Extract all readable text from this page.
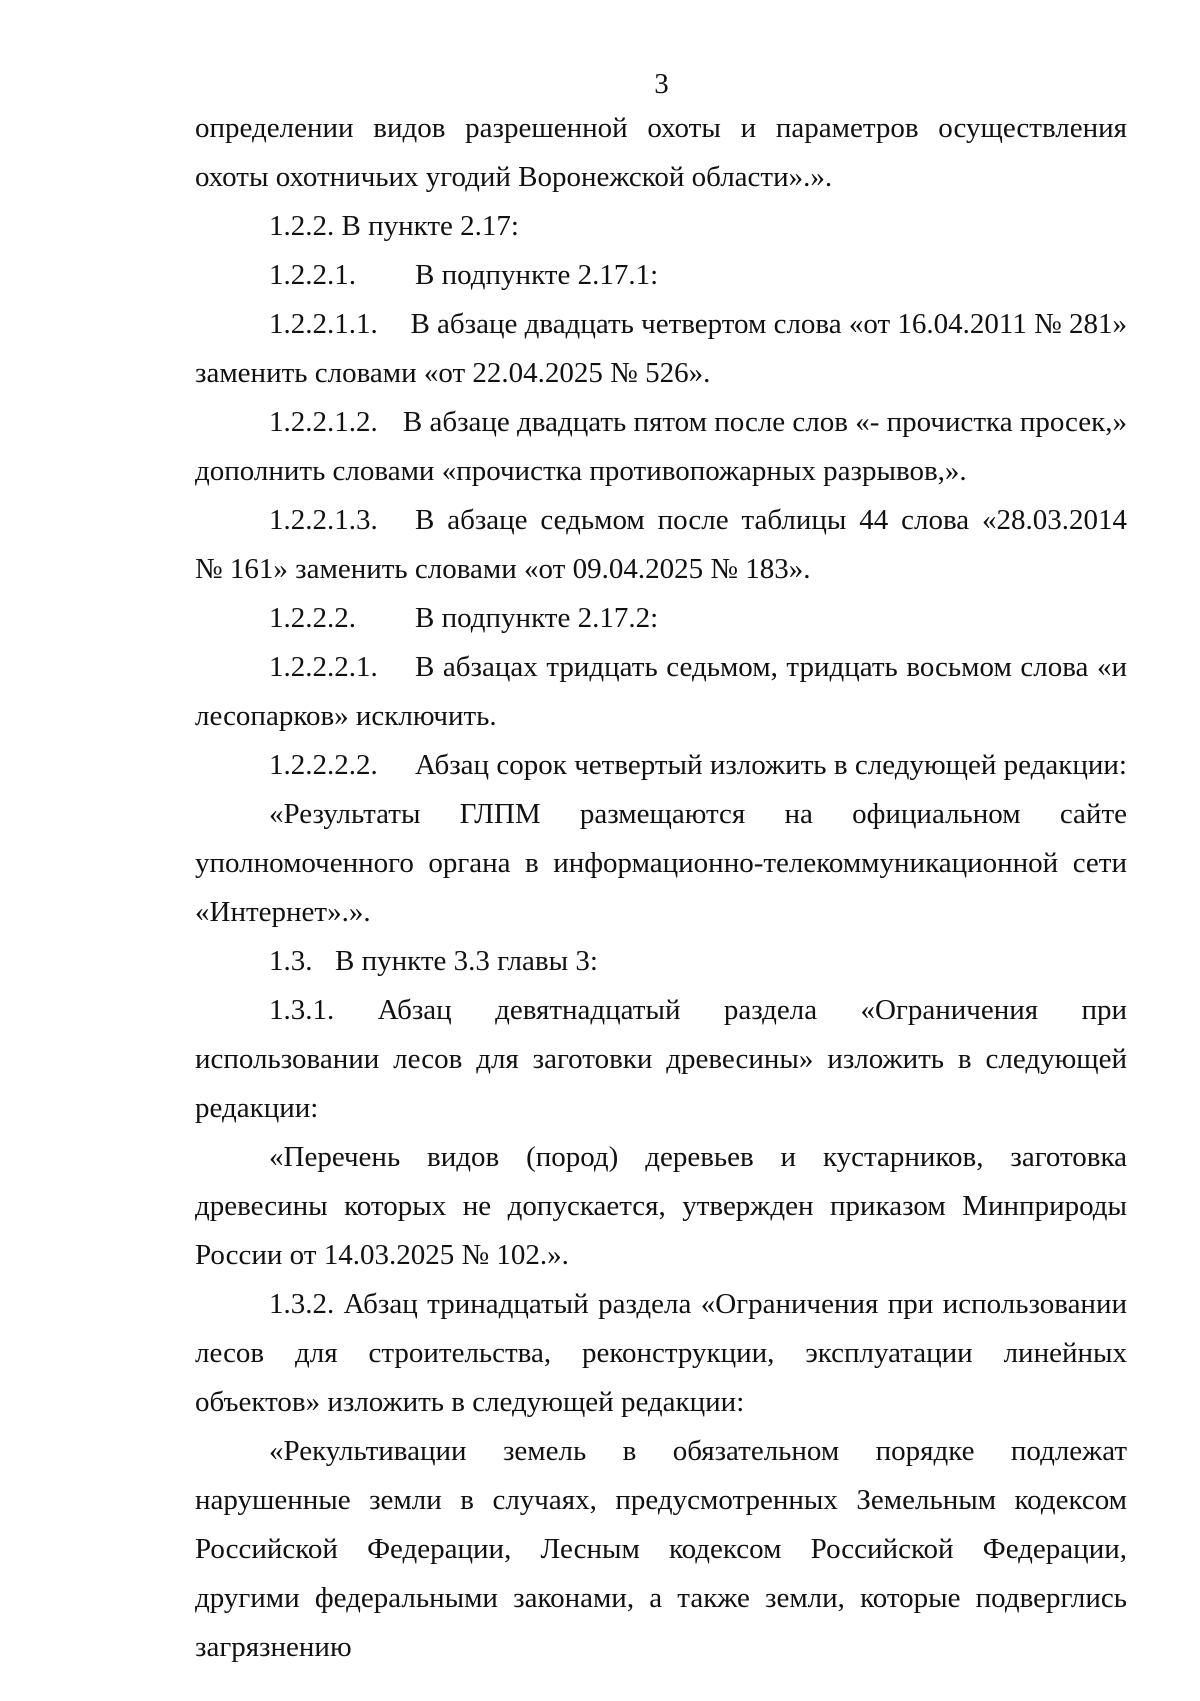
3

определении видов разрешенной охоты и параметров осуществления охоты охотничьих угодий Воронежской области».».

1.2.2. В пункте 2.17:

1.2.2.1.	В подпункте 2.17.1:
1.2.2.1.1.	В абзаце двадцать четвертом слова «от 16.04.2011 № 281»

заменить словами «от 22.04.2025 № 526».

1.2.2.1.2. В абзаце двадцать пятом после слов «- прочистка просек,»

дополнить словами «прочистка противопожарных разрывов,».

1.2.2.1.3.	В абзаце седьмом после таблицы 44 слова «28.03.2014

№ 161» заменить словами «от 09.04.2025 № 183».

1.2.2.2.	В подпункте 2.17.2:
1.2.2.2.1.	В абзацах тридцать седьмом, тридцать восьмом слова «и

лесопарков» исключить.

1.2.2.2.2.	Абзац сорок четвертый изложить в следующей редакции:

«Результаты ГЛПМ размещаются на официальном сайте уполномоченного органа в информационно-телекоммуникационной сети «Интернет».».

1.3. В пункте 3.3 главы 3:

1.3.1. Абзац девятнадцатый раздела «Ограничения при использовании лесов для заготовки древесины» изложить в следующей редакции:

«Перечень видов (пород) деревьев и кустарников, заготовка древесины которых не допускается, утвержден приказом Минприроды России от 14.03.2025 № 102.».

1.3.2. Абзац тринадцатый раздела «Ограничения при использовании лесов для строительства, реконструкции, эксплуатации линейных объектов» изложить в следующей редакции:

«Рекультивации земель в обязательном порядке подлежат нарушенные земли в случаях, предусмотренных Земельным кодексом Российской Федерации, Лесным кодексом Российской Федерации, другими федеральными законами, а также земли, которые подверглись загрязнению
